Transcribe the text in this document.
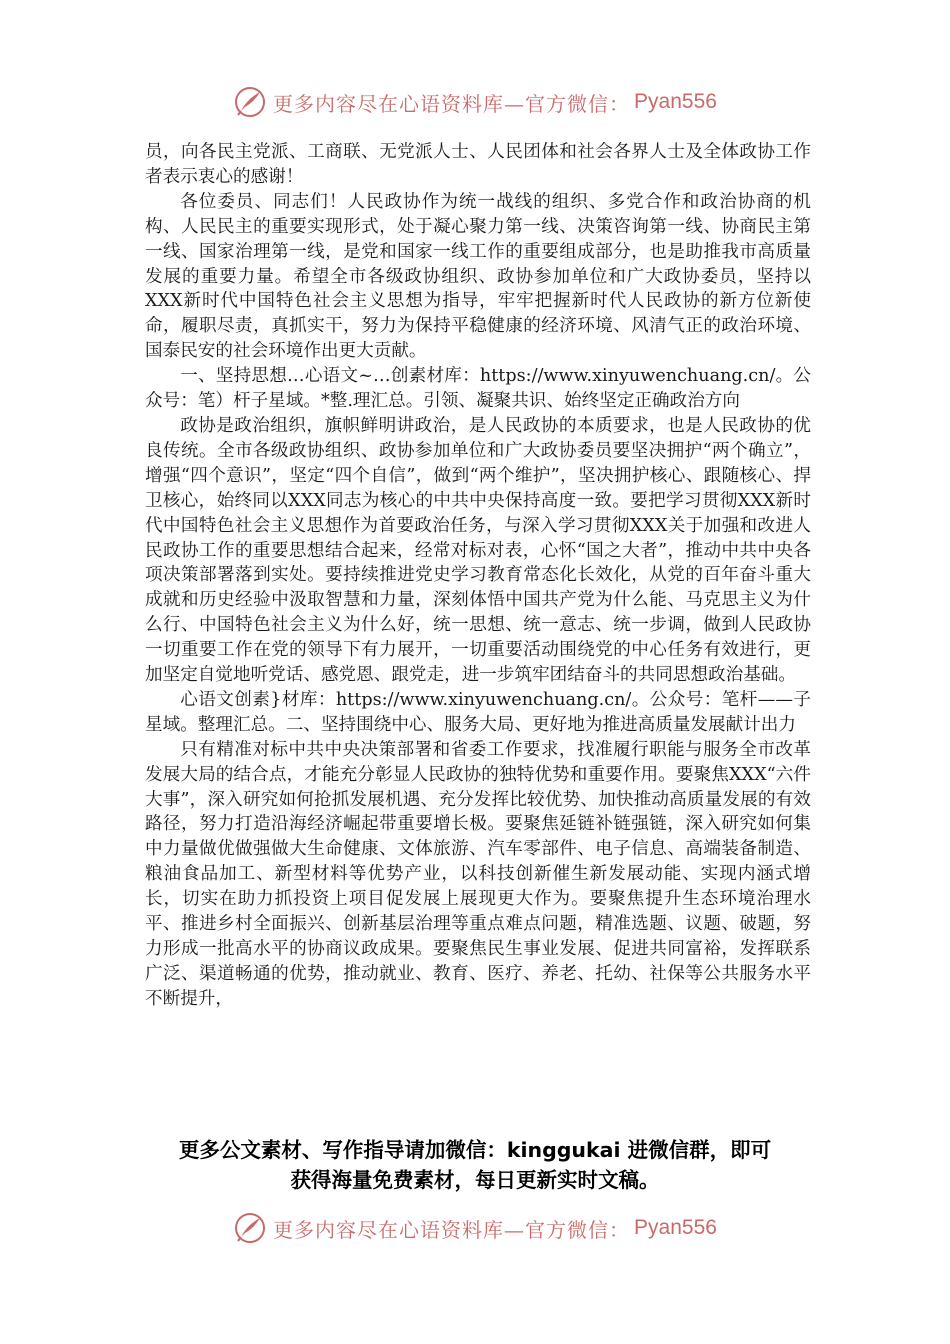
更多内容尽在心语资料库—官方微信： Pyan556

员，向各民主党派、工商联、无党派人士、人民团体和社会各界人士及全体政协工作者表示衷心的感谢！

各位委员、同志们！人民政协作为统一战线的组织、多党合作和政治协商的机构、人民民主的重要实现形式，处于凝心聚力第一线、决策咨询第一线、协商民主第一线、国家治理第一线，是党和国家一线工作的重要组成部分，也是助推我市高质量发展的重要力量。希望全市各级政协组织、政协参加单位和广大政协委员，坚持以XXX新时代中国特色社会主义思想为指导，牢牢把握新时代人民政协的新方位新使命，履职尽责，真抓实干，努力为保持平稳健康的经济环境、风清气正的政治环境、国泰民安的社会环境作出更大贡献。

一、坚持思想…心语文~…创素材库：https://www.xinyuwenchuang.cn/。公众号：笔）杆子星域。*整.理汇总。引领、凝聚共识、始终坚定正确政治方向

政协是政治组织，旗帜鲜明讲政治，是人民政协的本质要求，也是人民政协的优良传统。全市各级政协组织、政协参加单位和广大政协委员要坚决拥护“两个确立”，增强“四个意识”，坚定“四个自信”，做到“两个维护”，坚决拥护核心、跟随核心、捍卫核心，始终同以XXX同志为核心的中共中央保持高度一致。要把学习贯彻XXX新时代中国特色社会主义思想作为首要政治任务，与深入学习贯彻XXX关于加强和改进人民政协工作的重要思想结合起来，经常对标对表，心怀“国之大者”，推动中共中央各项决策部署落到实处。要持续推进党史学习教育常态化长效化，从党的百年奋斗重大成就和历史经验中汲取智慧和力量，深刻体悟中国共产党为什么能、马克思主义为什么行、中国特色社会主义为什么好，统一思想、统一意志、统一步调，做到人民政协一切重要工作在党的领导下有力展开，一切重要活动围绕党的中心任务有效进行，更加坚定自觉地听党话、感党恩、跟党走，进一步筑牢团结奋斗的共同思想政治基础。

心语文创素}材库：https://www.xinyuwenchuang.cn/。公众号：笔杆——子星域。整理汇总。二、坚持围绕中心、服务大局、更好地为推进高质量发展献计出力

只有精准对标中共中央决策部署和省委工作要求，找准履行职能与服务全市改革发展大局的结合点，才能充分彰显人民政协的独特优势和重要作用。要聚焦XXX“六件大事”，深入研究如何抢抓发展机遇、充分发挥比较优势、加快推动高质量发展的有效路径，努力打造沿海经济崛起带重要增长极。要聚焦延链补链强链，深入研究如何集中力量做优做强做大生命健康、文体旅游、汽车零部件、电子信息、高端装备制造、粮油食品加工、新型材料等优势产业，以科技创新催生新发展动能、实现内涵式增长，切实在助力抓投资上项目促发展上展现更大作为。要聚焦提升生态环境治理水平、推进乡村全面振兴、创新基层治理等重点难点问题，精准选题、议题、破题，努力形成一批高水平的协商议政成果。要聚焦民生事业发展、促进共同富裕，发挥联系广泛、渠道畅通的优势，推动就业、教育、医疗、养老、托幼、社保等公共服务水平不断提升，

更多公文素材、写作指导请加微信：kinggukai 进微信群，即可
获得海量免费素材，每日更新实时文稿。
更多内容尽在心语资料库—官方微信： Pyan556
